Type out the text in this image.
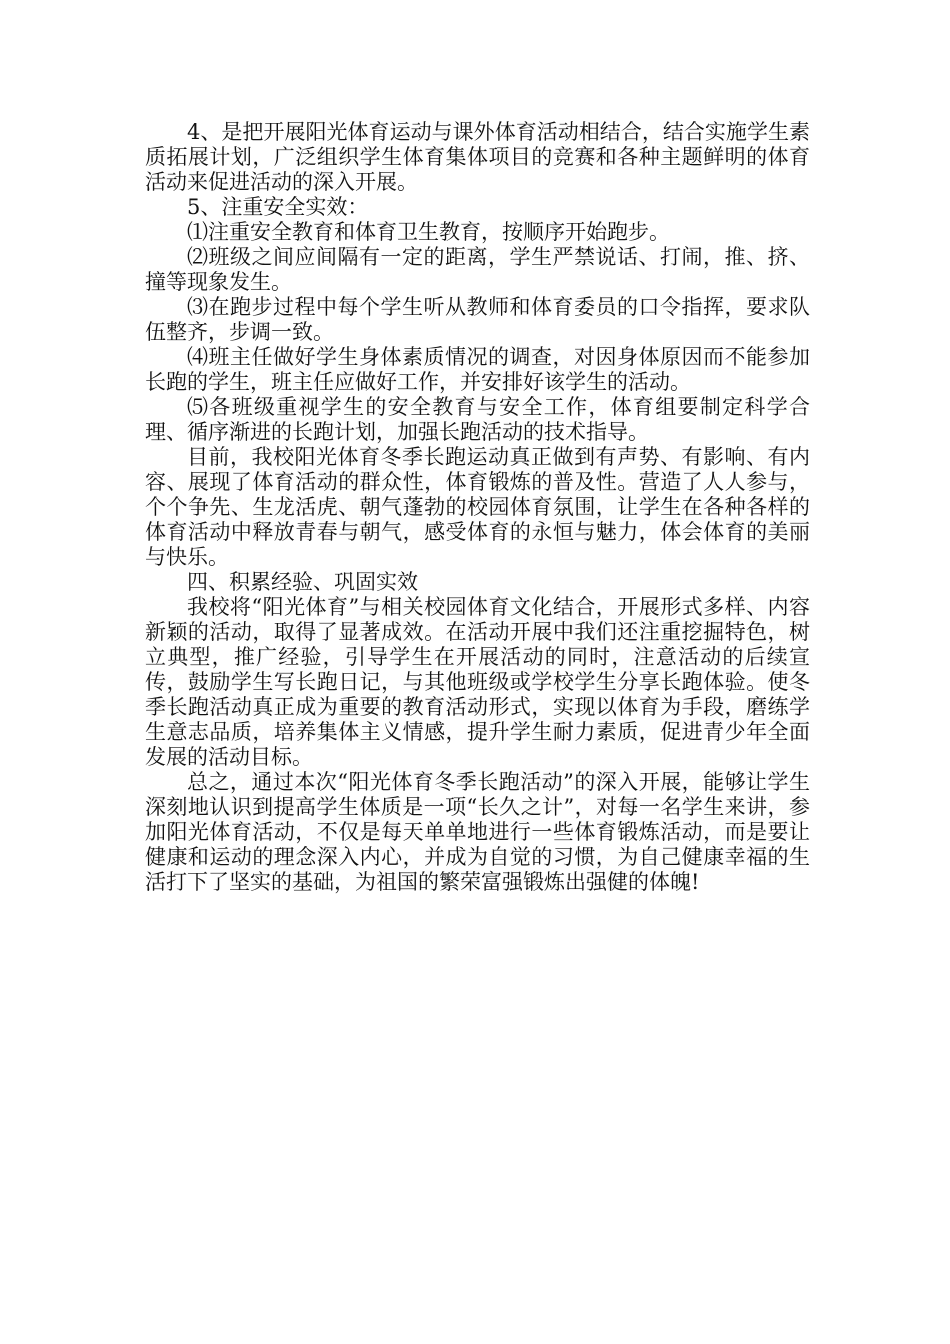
4、是把开展阳光体育运动与课外体育活动相结合，结合实施学生素质拓展计划，广泛组织学生体育集体项目的竞赛和各种主题鲜明的体育活动来促进活动的深入开展。

5、注重安全实效：

⑴注重安全教育和体育卫生教育，按顺序开始跑步。

⑵班级之间应间隔有一定的距离，学生严禁说话、打闹，推、挤、撞等现象发生。

⑶在跑步过程中每个学生听从教师和体育委员的口令指挥，要求队伍整齐，步调一致。

⑷班主任做好学生身体素质情况的调查，对因身体原因而不能参加长跑的学生，班主任应做好工作，并安排好该学生的活动。

⑸各班级重视学生的安全教育与安全工作，体育组要制定科学合理、循序渐进的长跑计划，加强长跑活动的技术指导。

目前，我校阳光体育冬季长跑运动真正做到有声势、有影响、有内容、展现了体育活动的群众性，体育锻炼的普及性。营造了人人参与，个个争先、生龙活虎、朝气蓬勃的校园体育氛围，让学生在各种各样的体育活动中释放青春与朝气，感受体育的永恒与魅力，体会体育的美丽与快乐。

四、积累经验、巩固实效

我校将“阳光体育”与相关校园体育文化结合，开展形式多样、内容新颖的活动，取得了显著成效。在活动开展中我们还注重挖掘特色，树立典型，推广经验，引导学生在开展活动的同时，注意活动的后续宣传，鼓励学生写长跑日记，与其他班级或学校学生分享长跑体验。使冬季长跑活动真正成为重要的教育活动形式，实现以体育为手段，磨练学生意志品质，培养集体主义情感，提升学生耐力素质，促进青少年全面发展的活动目标。

总之，通过本次“阳光体育冬季长跑活动”的深入开展，能够让学生深刻地认识到提高学生体质是一项“长久之计”，对每一名学生来讲，参加阳光体育活动，不仅是每天单单地进行一些体育锻炼活动，而是要让健康和运动的理念深入内心，并成为自觉的习惯，为自己健康幸福的生活打下了坚实的基础，为祖国的繁荣富强锻炼出强健的体魄!
